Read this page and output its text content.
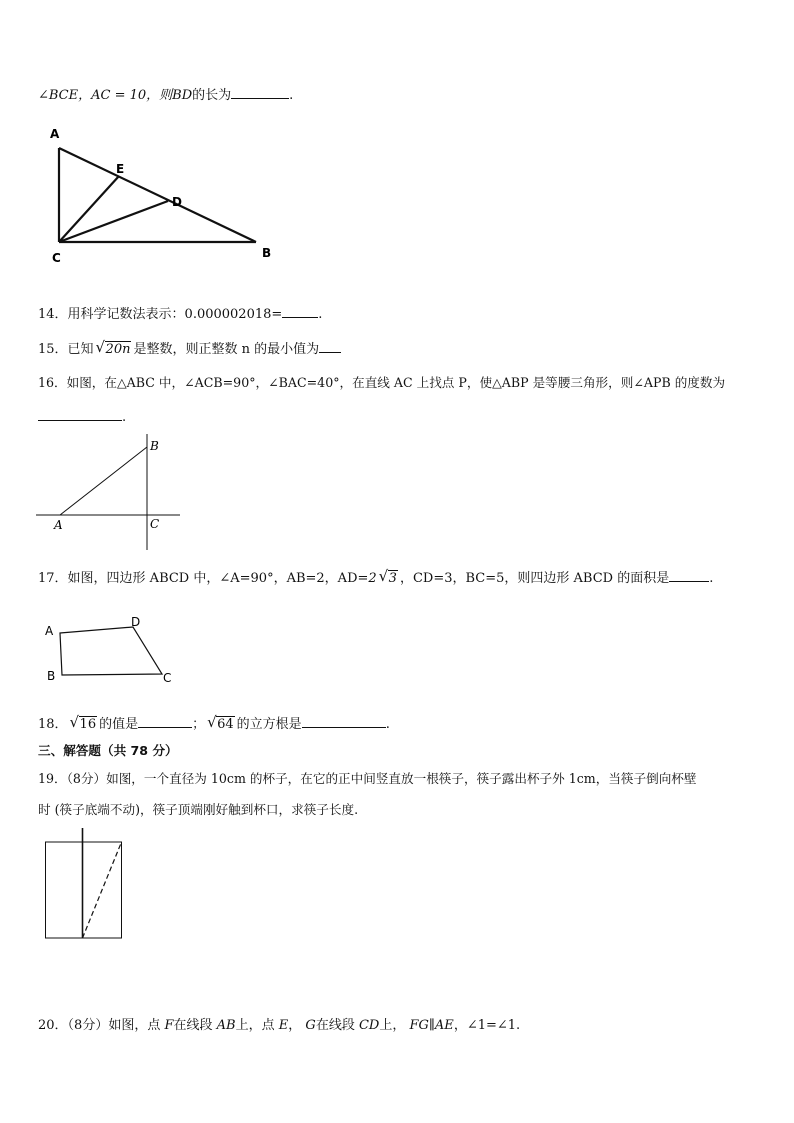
∠BCE，AC = 10，则BD的长为	.
A
E
D
C	B
14．用科学记数法表示：0.000002018=	.
15．已知 √ 20n 是整数，则正整数 n 的最小值为
16．如图，在△ABC 中，∠ACB=90°，∠BAC=40°，在直线 AC 上找点 P，使△ABP 是等腰三角形，则∠APB 的度数为
.
B
A	C
17．如图，四边形 ABCD 中，∠A=90°，AB=2，AD=2 √ 3 ，CD=3，BC=5，则四边形 ABCD 的面积是	.
A
D
B	C
18． √ 16 的值是	； √ 64 的立方根是	.
三、解答题（共 78 分）
19．（8分）如图，一个直径为 10cm 的杯子，在它的正中间竖直放一根筷子，筷子露出杯子外 1cm，当筷子倒向杯壁
时 (筷子底端不动)，筷子顶端刚好触到杯口，求筷子长度.
20．（8分）如图，点 F在线段 AB上，点 E， G在线段 CD上， FG∥AE，∠1=∠1.
